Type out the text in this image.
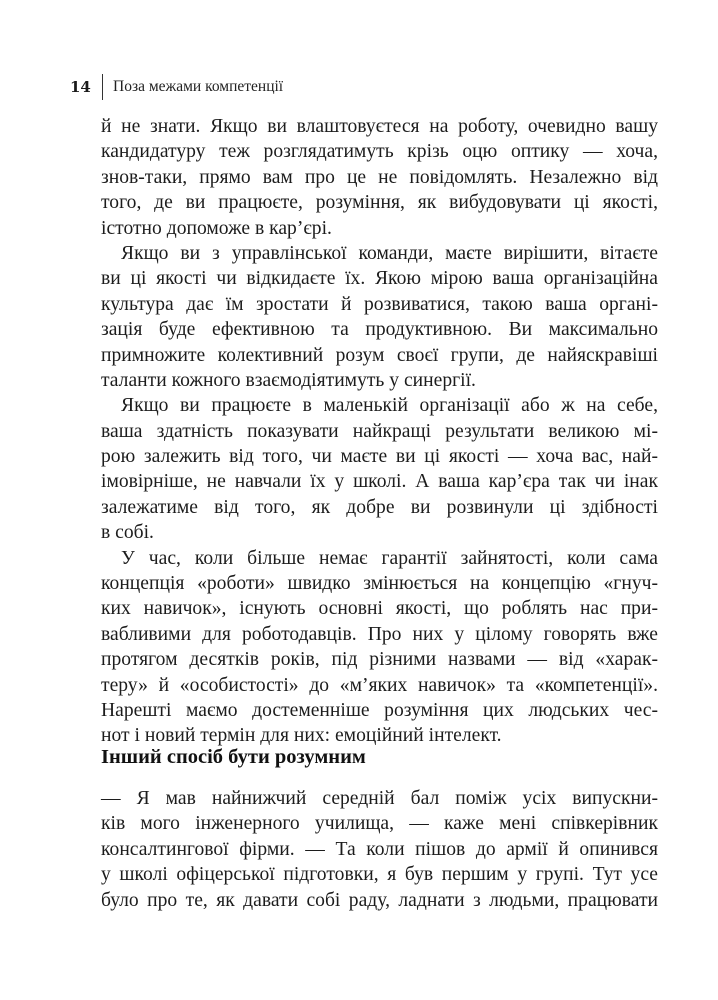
14	Поза межами компетенції
й не знати. Якщо ви влаштовуєтеся на роботу, очевидно вашу
кандидатуру теж розглядатимуть крізь оцю оптику — хоча,
знов-таки, прямо вам про це не повідомлять. Незалежно від
того, де ви працюєте, розуміння, як вибудовувати ці якості,
істотно допоможе в кар’єрі.
Якщо ви з управлінської команди, маєте вирішити, вітаєте
ви ці якості чи відкидаєте їх. Якою мірою ваша організаційна
культура дає їм зростати й розвиватися, такою ваша органі-
зація буде ефективною та продуктивною. Ви максимально
примножите колективний розум своєї групи, де найяскравіші
таланти кожного взаємодіятимуть у синергії.
Якщо ви працюєте в маленькій організації або ж на себе,
ваша здатність показувати найкращі результати великою мі-
рою залежить від того, чи маєте ви ці якості — хоча вас, най-
імовірніше, не навчали їх у школі. А ваша кар’єра так чи інак
залежатиме від того, як добре ви розвинули ці здібності
в собі.
У час, коли більше немає гарантії зайнятості, коли сама
концепція «роботи» швидко змінюється на концепцію «гнуч-
ких навичок», існують основні якості, що роблять нас при-
вабливими для роботодавців. Про них у цілому говорять вже
протягом десятків років, під різними назвами — від «харак-
теру» й «особистості» до «м’яких навичок» та «компетенції».
Нарешті маємо достеменніше розуміння цих людських чес-
нот і новий термін для них: емоційний інтелект.
Інший спосіб бути розумним
— Я мав найнижчий середній бал поміж усіх випускни-
ків мого інженерного училища, — каже мені співкерівник
консалтингової фірми. — Та коли пішов до армії й опинився
у школі офіцерської підготовки, я був першим у групі. Тут усе
було про те, як давати собі раду, ладнати з людьми, працювати
